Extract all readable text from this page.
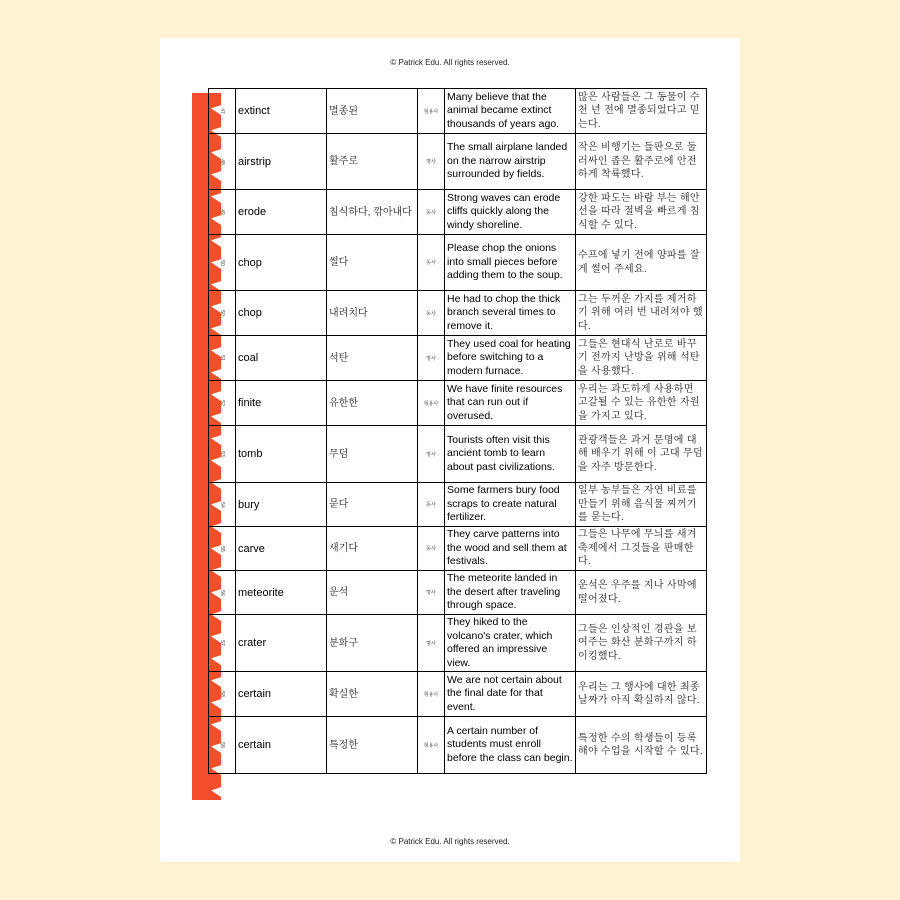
© Patrick Edu. All rights reserved.
47	extinct	멸종된	형용사	Many believe that the animal became extinct thousands of years ago.	많은 사람들은 그 동물이 수천 년 전에 멸종되었다고 믿는다.

48	airstrip	활주로	명사	The small airplane landed on the narrow airstrip surrounded by fields.	작은 비행기는 들판으로 둘러싸인 좁은 활주로에 안전하게 착륙했다.

49	erode	침식하다, 깎아내다	동사	Strong waves can erode cliffs quickly along the windy shoreline.	강한 파도는 바람 부는 해안선을 따라 절벽을 빠르게 침식할 수 있다.

50	chop	썰다	동사	Please chop the onions into small pieces before adding them to the soup.	수프에 넣기 전에 양파를 잘게 썰어 주세요.

50	chop	내려치다	동사	He had to chop the thick branch several times to remove it.	그는 두꺼운 가지를 제거하기 위해 여러 번 내려쳐야 했다.

51	coal	석탄	명사	They used coal for heating before switching to a modern furnace.	그들은 현대식 난로로 바꾸기 전까지 난방을 위해 석탄을 사용했다.

52	finite	유한한	형용사	We have finite resources that can run out if overused.	우리는 과도하게 사용하면 고갈될 수 있는 유한한 자원을 가지고 있다.

53	tomb	무덤	명사	Tourists often visit this ancient tomb to learn about past civilizations.	관광객들은 과거 문명에 대해 배우기 위해 이 고대 무덤을 자주 방문한다.

54	bury	묻다	동사	Some farmers bury food scraps to create natural fertilizer.	일부 농부들은 자연 비료를 만들기 위해 음식물 찌꺼기를 묻는다.

55	carve	새기다	동사	They carve patterns into the wood and sell them at festivals.	그들은 나무에 무늬를 새겨 축제에서 그것들을 판매한다.

56	meteorite	운석	명사	The meteorite landed in the desert after traveling through space.	운석은 우주를 지나 사막에 떨어졌다.

57	crater	분화구	명사	They hiked to the volcano's crater, which offered an impressive view.	그들은 인상적인 경관을 보여주는 화산 분화구까지 하이킹했다.

58	certain	확실한	형용사	We are not certain about the final date for that event.	우리는 그 행사에 대한 최종 날짜가 아직 확실하지 않다.

58	certain	특정한	형용사	A certain number of students must enroll before the class can begin.	특정한 수의 학생들이 등록해야 수업을 시작할 수 있다.
© Patrick Edu. All rights reserved.
